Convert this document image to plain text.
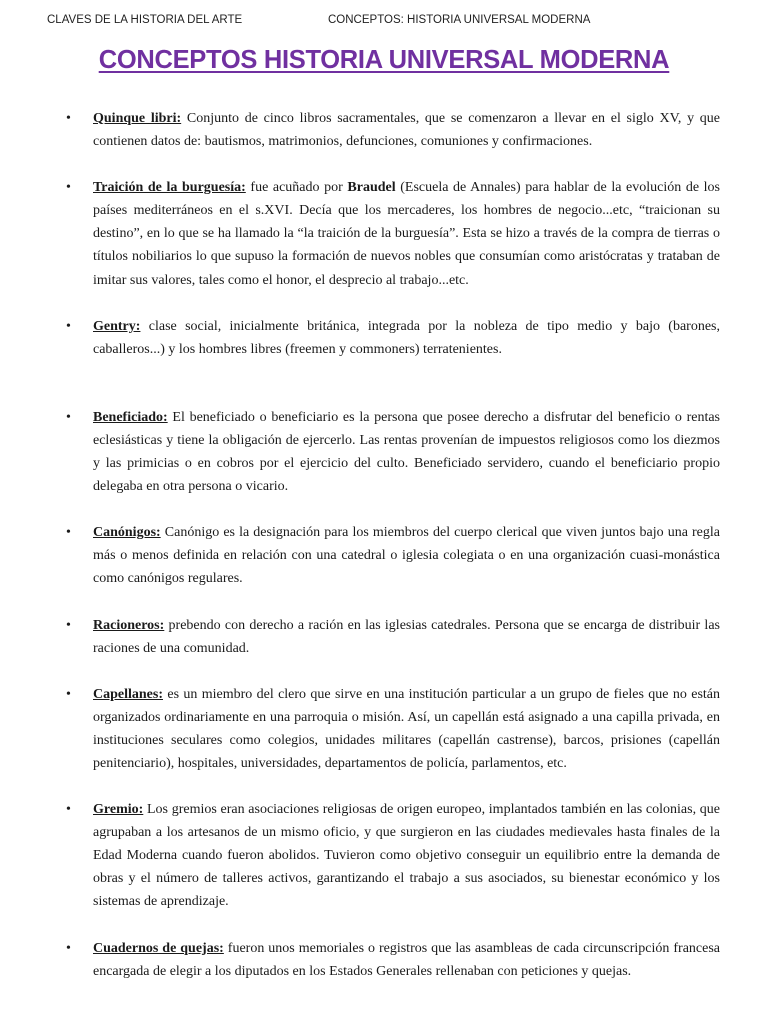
CLAVES DE LA HISTORIA DEL ARTE	CONCEPTOS: HISTORIA UNIVERSAL MODERNA
CONCEPTOS HISTORIA UNIVERSAL MODERNA
• Quinque libri: Conjunto de cinco libros sacramentales, que se comenzaron a llevar en el siglo XV, y que contienen datos de: bautismos, matrimonios, defunciones, comuniones y confirmaciones.
• Traición de la burguesía: fue acuñado por Braudel (Escuela de Annales) para hablar de la evolución de los países mediterráneos en el s.XVI. Decía que los mercaderes, los hombres de negocio...etc, “traicionan su destino”, en lo que se ha llamado la “la traición de la burguesía”. Esta se hizo a través de la compra de tierras o títulos nobiliarios lo que supuso la formación de nuevos nobles que consumían como aristócratas y trataban de imitar sus valores, tales como el honor, el desprecio al trabajo...etc.
• Gentry: clase social, inicialmente británica, integrada por la nobleza de tipo medio y bajo (barones, caballeros...) y los hombres libres (freemen y commoners) terratenientes.
• Beneficiado: El beneficiado o beneficiario es la persona que posee derecho a disfrutar del beneficio o rentas eclesiásticas y tiene la obligación de ejercerlo. Las rentas provenían de impuestos religiosos como los diezmos y las primicias o en cobros por el ejercicio del culto. Beneficiado servidero, cuando el beneficiario propio delegaba en otra persona o vicario.
• Canónigos: Canónigo es la designación para los miembros del cuerpo clerical que viven juntos bajo una regla más o menos definida en relación con una catedral o iglesia colegiata o en una organización cuasi-monástica como canónigos regulares.
• Racioneros: prebendo con derecho a ración en las iglesias catedrales. Persona que se encarga de distribuir las raciones de una comunidad.
• Capellanes: es un miembro del clero que sirve en una institución particular a un grupo de fieles que no están organizados ordinariamente en una parroquia o misión. Así, un capellán está asignado a una capilla privada, en instituciones seculares como colegios, unidades militares (capellán castrense), barcos, prisiones (capellán penitenciario), hospitales, universidades, departamentos de policía, parlamentos, etc.
• Gremio: Los gremios eran asociaciones religiosas de origen europeo, implantados también en las colonias, que agrupaban a los artesanos de un mismo oficio, y que surgieron en las ciudades medievales hasta finales de la Edad Moderna cuando fueron abolidos. Tuvieron como objetivo conseguir un equilibrio entre la demanda de obras y el número de talleres activos, garantizando el trabajo a sus asociados, su bienestar económico y los sistemas de aprendizaje.
• Cuadernos de quejas: fueron unos memoriales o registros que las asambleas de cada circunscripción francesa encargada de elegir a los diputados en los Estados Generales rellenaban con peticiones y quejas.
